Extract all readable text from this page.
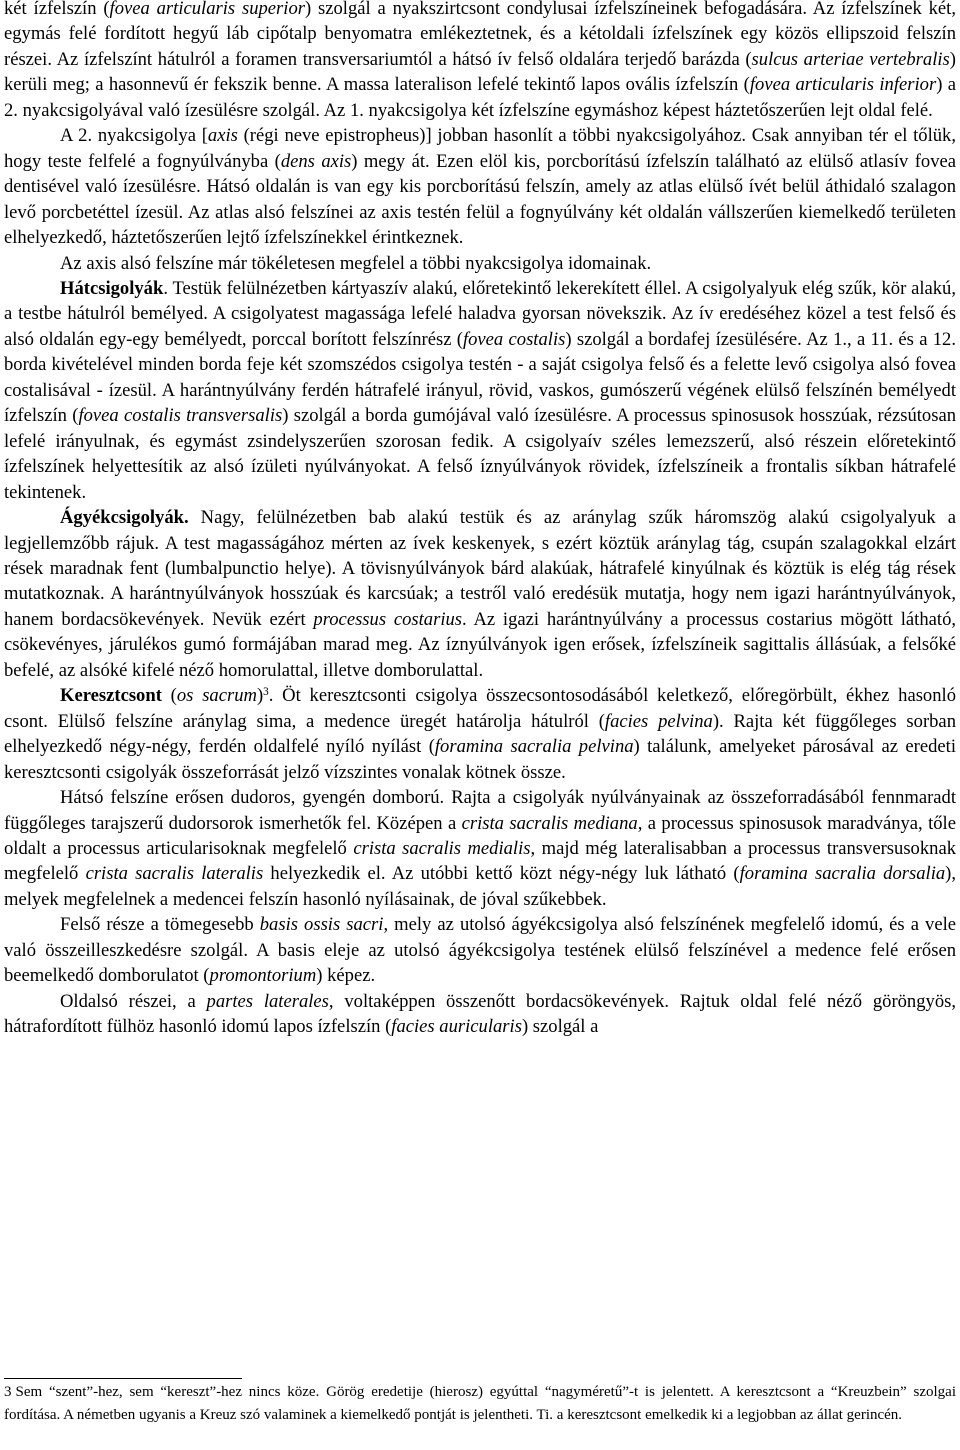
két ízfelszín (fovea articularis superior) szolgál a nyakszirtcsont condylusai ízfelszíneinek befogadására. Az ízfelszínek két, egymás felé fordított hegyű láb cipőtalp benyomatra emlékeztetnek, és a kétoldali ízfelszínek egy közös ellipszoid felszín részei. Az ízfelszínt hátulról a foramen transversariumtól a hátsó ív felső oldalára terjedő barázda (sulcus arteriae vertebralis) kerüli meg; a hasonnevű ér fekszik benne. A massa lateralison lefelé tekintő lapos ovális ízfelszín (fovea articularis inferior) a 2. nyakcsigolyával való ízesülésre szolgál. Az 1. nyakcsigolya két ízfelszíne egymáshoz képest háztetőszerűen lejt oldal felé.

A 2. nyakcsigolya [axis (régi neve epistropheus)] jobban hasonlít a többi nyakcsigolyához. Csak annyiban tér el tőlük, hogy teste felfelé a fognyúlványba (dens axis) megy át. Ezen elöl kis, porcborítású ízfelszín található az elülső atlasív fovea dentisével való ízesülésre. Hátsó oldalán is van egy kis porcborítású felszín, amely az atlas elülső ívét belül áthidaló szalagon levő porcbetéttel ízesül. Az atlas alsó felszínei az axis testén felül a fognyúlvány két oldalán vállszerűen kiemelkedő területen elhelyezkedő, háztetőszerűen lejtő ízfelszínekkel érintkeznek.

Az axis alsó felszíne már tökéletesen megfelel a többi nyakcsigolya idomainak.

Hátcsigolyák. Testük felülnézetben kártyaszív alakú, előretekintő lekerekített éllel. A csigolyalyuk elég szűk, kör alakú, a testbe hátulról bemélyed. A csigolyatest magassága lefelé haladva gyorsan növekszik. Az ív eredéséhez közel a test felső és alsó oldalán egy-egy bemélyedt, porccal borított felszínrész (fovea costalis) szolgál a bordafej ízesülésére. Az 1., a 11. és a 12. borda kivételével minden borda feje két szomszédos csigolya testén - a saját csigolya felső és a felette levő csigolya alsó fovea costalisával - ízesül. A harántnyúlvány ferdén hátrafelé irányul, rövid, vaskos, gumószerű végének elülső felszínén bemélyedt ízfelszín (fovea costalis transversalis) szolgál a borda gumójával való ízesülésre. A processus spinosusok hosszúak, rézsútosan lefelé irányulnak, és egymást zsindelyszerűen szorosan fedik. A csigolyaív széles lemezszerű, alsó részein előretekintő ízfelszínek helyettesítik az alsó ízületi nyúlványokat. A felső íznyúlványok rövidek, ízfelszíneik a frontalis síkban hátrafelé tekintenek.

Ágyékcsigolyák. Nagy, felülnézetben bab alakú testük és az aránylag szűk háromszög alakú csigolyalyuk a legjellemzőbb rájuk. A test magasságához mérten az ívek keskenyek, s ezért köztük aránylag tág, csupán szalagokkal elzárt rések maradnak fent (lumbalpunctio helye). A tövisnyúlványok bárd alakúak, hátrafelé kinyúlnak és köztük is elég tág rések mutatkoznak. A harántnyúlványok hosszúak és karcsúak; a testről való eredésük mutatja, hogy nem igazi harántnyúlványok, hanem bordacsökevények. Nevük ezért processus costarius. Az igazi harántnyúlvány a processus costarius mögött látható, csökevényes, járulékos gumó formájában marad meg. Az íznyúlványok igen erősek, ízfelszíneik sagittalis állásúak, a felsőké befelé, az alsóké kifelé néző homorulattal, illetve domborulattal.

Keresztcsont (os sacrum)$^3$. Öt keresztcsonti csigolya összecsontosodásából keletkező, előregörbült, ékhez hasonló csont. Elülső felszíne aránylag sima, a medence üregét határolja hátulról (facies pelvina). Rajta két függőleges sorban elhelyezkedő négy-négy, ferdén oldalfelé nyíló nyílást (foramina sacralia pelvina) találunk, amelyeket párosával az eredeti keresztcsonti csigolyák összeforrását jelző vízszintes vonalak kötnek össze.

Hátsó felszíne erősen dudoros, gyengén domború. Rajta a csigolyák nyúlványainak az összeforradásából fennmaradt függőleges tarajszerű dudorsorok ismerhetők fel. Középen a crista sacralis mediana, a processus spinosusok maradványa, tőle oldalt a processus articularisoknak megfelelő crista sacralis medialis, majd még lateralisabban a processus transversusoknak megfelelő crista sacralis lateralis helyezkedik el. Az utóbbi kettő közt négy-négy luk látható (foramina sacralia dorsalia), melyek megfelelnek a medencei felszín hasonló nyílásainak, de jóval szűkebbek.

Felső része a tömegesebb basis ossis sacri, mely az utolsó ágyékcsigolya alsó felszínének megfelelő idomú, és a vele való összeilleszkedésre szolgál. A basis eleje az utolsó ágyékcsigolya testének elülső felszínével a medence felé erősen beemelkedő domborulatot (promontorium) képez.

Oldalsó részei, a partes laterales, voltaképpen összenőtt bordacsökevények. Rajtuk oldal felé néző göröngyös, hátrafordított fülhöz hasonló idomú lapos ízfelszín (facies auricularis) szolgál a

3 Sem “szent”-hez, sem “kereszt”-hez nincs köze. Görög eredetije (hierosz) egyúttal “nagyméretű”-t is jelentett. A keresztcsont a “Kreuzbein” szolgai fordítása. A németben ugyanis a Kreuz szó valaminek a kiemelkedő pontját is jelentheti. Ti. a keresztcsont emelkedik ki a legjobban az állat gerincén.
